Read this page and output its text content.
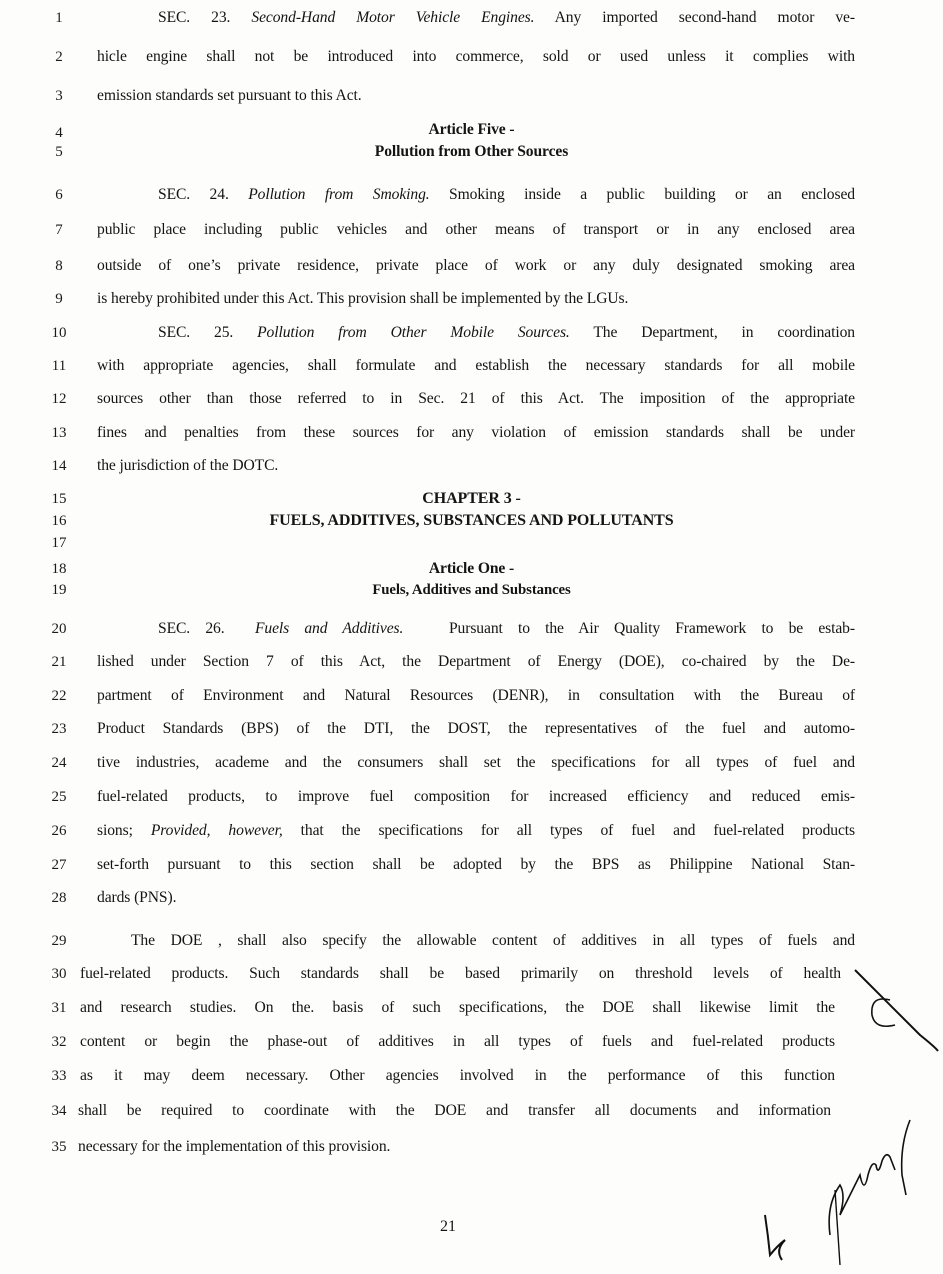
1	SEC. 23. Second-Hand Motor Vehicle Engines. Any imported second-hand motor ve-
2	hicle engine shall not be introduced into commerce, sold or used unless it complies with
3	emission standards set pursuant to this Act.
4	Article Five -
5	Pollution from Other Sources
6	SEC. 24. Pollution from Smoking. Smoking inside a public building or an enclosed
7	public place including public vehicles and other means of transport or in any enclosed area
8	outside of one’s private residence, private place of work or any duly designated smoking area
9	is hereby prohibited under this Act. This provision shall be implemented by the LGUs.
10	SEC. 25. Pollution from Other Mobile Sources. The Department, in coordination
11	with appropriate agencies, shall formulate and establish the necessary standards for all mobile
12	sources other than those referred to in Sec. 21 of this Act. The imposition of the appropriate
13	fines and penalties from these sources for any violation of emission standards shall be under
14	the jurisdiction of the DOTC.
15	CHAPTER 3 -
16	FUELS, ADDITIVES, SUBSTANCES AND POLLUTANTS
17
18	Article One -
19	Fuels, Additives and Substances
20	SEC. 26. Fuels and Additives.	Pursuant to the Air Quality Framework to be estab-
21	lished under Section 7 of this Act, the Department of Energy (DOE), co-chaired by the De-
22	partment of Environment and Natural Resources (DENR), in consultation with the Bureau of
23	Product Standards (BPS) of the DTI, the DOST, the representatives of the fuel and automo-
24	tive industries, academe and the consumers shall set the specifications for all types of fuel and
25	fuel-related products, to improve fuel composition for increased efficiency and reduced emis-
26	sions; Provided, however, that the specifications for all types of fuel and fuel-related products
27	set-forth pursuant to this section shall be adopted by the BPS as Philippine National Stan-
28	dards (PNS).
29	The DOE , shall also specify the allowable content of additives in all types of fuels and
30 fuel-related products. Such standards shall be based primarily on threshold levels of health
31 and research studies. On the. basis of such specifications, the DOE shall likewise limit the
32 content or begin the phase-out of additives in all types of fuels and fuel-related products
33 as it may deem necessary. Other agencies involved in the performance of this function
34 shall be required to coordinate with the DOE and transfer all documents and information
35 necessary for the implementation of this provision.
21
